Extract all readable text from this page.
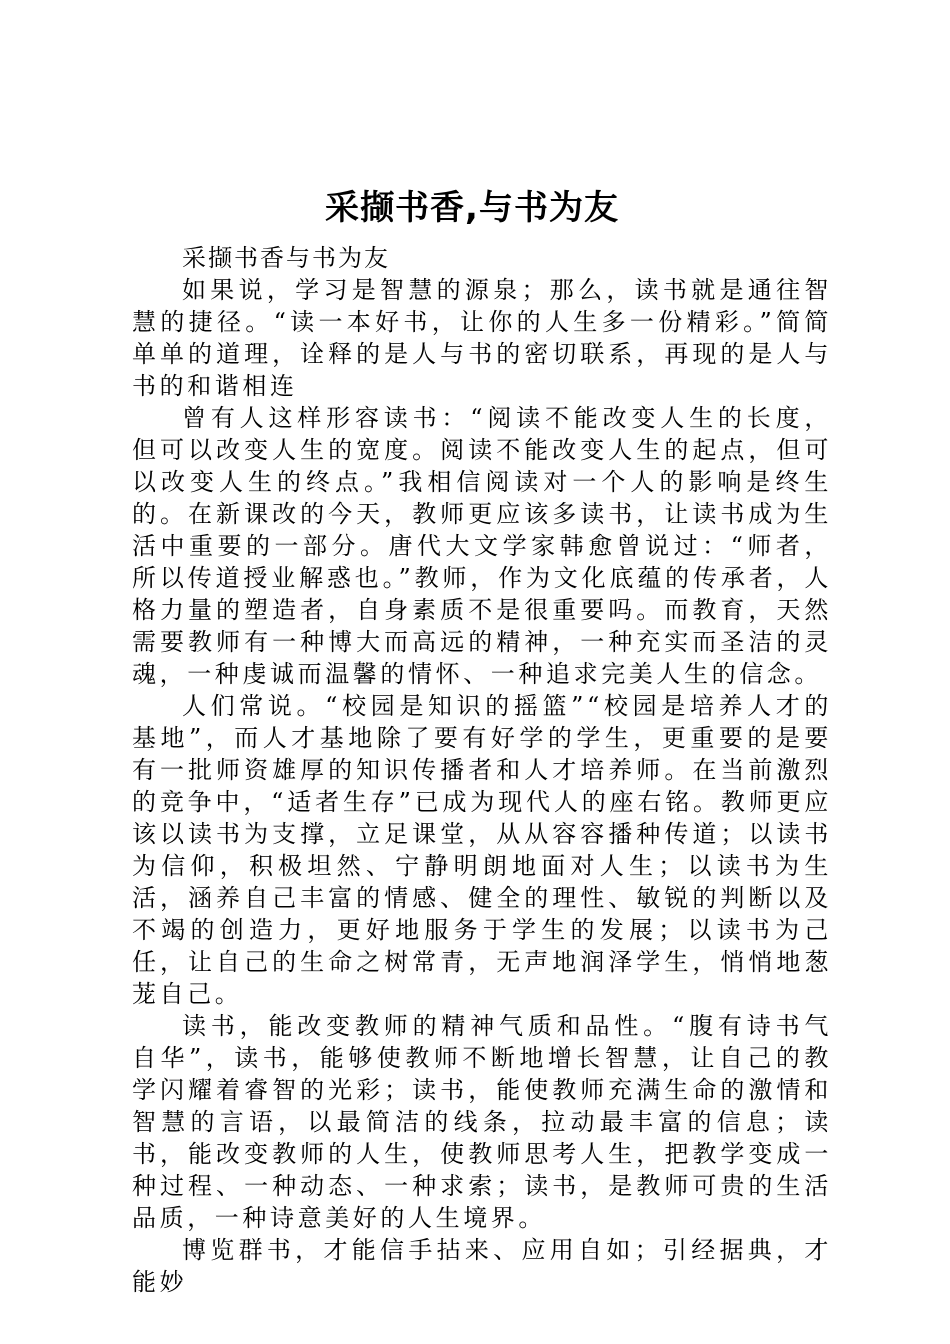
采撷书香,与书为友

采撷书香与书为友

如果说，学习是智慧的源泉；那么，读书就是通往智慧的捷径。“读一本好书，让你的人生多一份精彩。”简简单单的道理，诠释的是人与书的密切联系，再现的是人与书的和谐相连

曾有人这样形容读书：“阅读不能改变人生的长度，但可以改变人生的宽度。阅读不能改变人生的起点，但可以改变人生的终点。”我相信阅读对一个人的影响是终生的。在新课改的今天，教师更应该多读书，让读书成为生活中重要的一部分。唐代大文学家韩愈曾说过：“师者，所以传道授业解惑也。”教师，作为文化底蕴的传承者，人格力量的塑造者，自身素质不是很重要吗。而教育，天然需要教师有一种博大而高远的精神，一种充实而圣洁的灵魂，一种虔诚而温馨的情怀、一种追求完美人生的信念。

人们常说。“校园是知识的摇篮”“校园是培养人才的基地”，而人才基地除了要有好学的学生，更重要的是要有一批师资雄厚的知识传播者和人才培养师。在当前激烈的竞争中，“适者生存”已成为现代人的座右铭。教师更应该以读书为支撑，立足课堂，从从容容播种传道；以读书为信仰，积极坦然、宁静明朗地面对人生；以读书为生活，涵养自己丰富的情感、健全的理性、敏锐的判断以及不竭的创造力，更好地服务于学生的发展；以读书为己任，让自己的生命之树常青，无声地润泽学生，悄悄地葱茏自己。

读书，能改变教师的精神气质和品性。“腹有诗书气自华”，读书，能够使教师不断地增长智慧，让自己的教学闪耀着睿智的光彩；读书，能使教师充满生命的激情和智慧的言语，以最简洁的线条，拉动最丰富的信息；读书，能改变教师的人生，使教师思考人生，把教学变成一种过程、一种动态、一种求索；读书，是教师可贵的生活品质，一种诗意美好的人生境界。

博览群书，才能信手拈来、应用自如；引经据典，才能妙
